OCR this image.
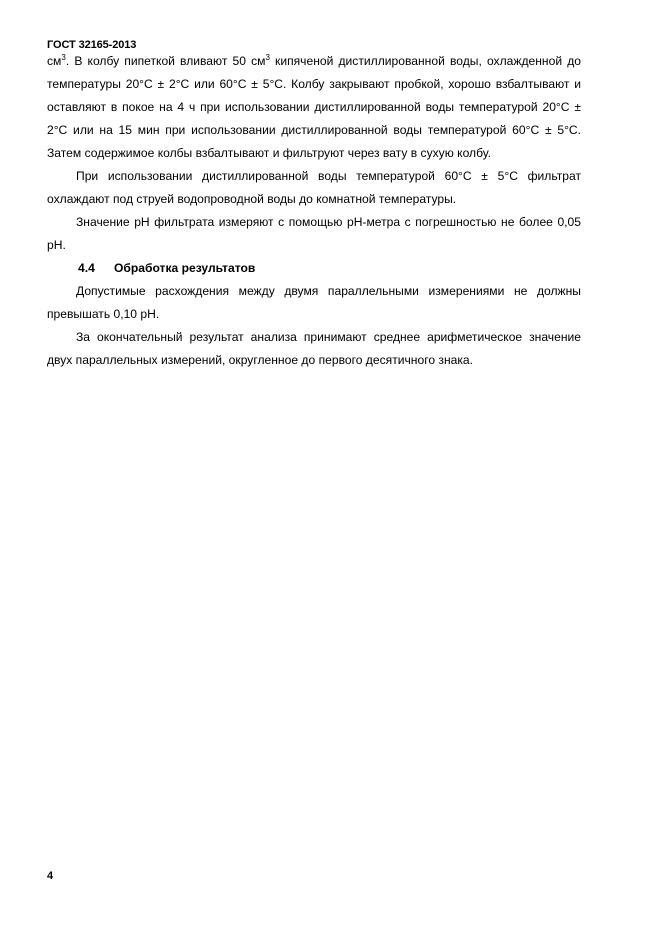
ГОСТ 32165-2013

$см^3$. В колбу пипеткой вливают 50 $см^3$ кипяченой дистиллированной воды, охлажденной до температуры 20°С ± 2°С или 60°С ± 5°С. Колбу закрывают пробкой, хорошо взбалтывают и оставляют в покое на 4 ч при использовании дистиллированной воды температурой 20°С ± 2°С или на 15 мин при использовании дистиллированной воды температурой 60°С ± 5°С. Затем содержимое колбы взбалтывают и фильтруют через вату в сухую колбу.

При использовании дистиллированной воды температурой 60°С ± 5°С фильтрат охлаждают под струей водопроводной воды до комнатной температуры.

Значение pH фильтрата измеряют с помощью pH-метра с погрешностью не более 0,05 pH.

4.4 Обработка результатов

Допустимые расхождения между двумя параллельными измерениями не должны превышать 0,10 pH.

За окончательный результат анализа принимают среднее арифметическое значение двух параллельных измерений, округленное до первого десятичного знака.

4
